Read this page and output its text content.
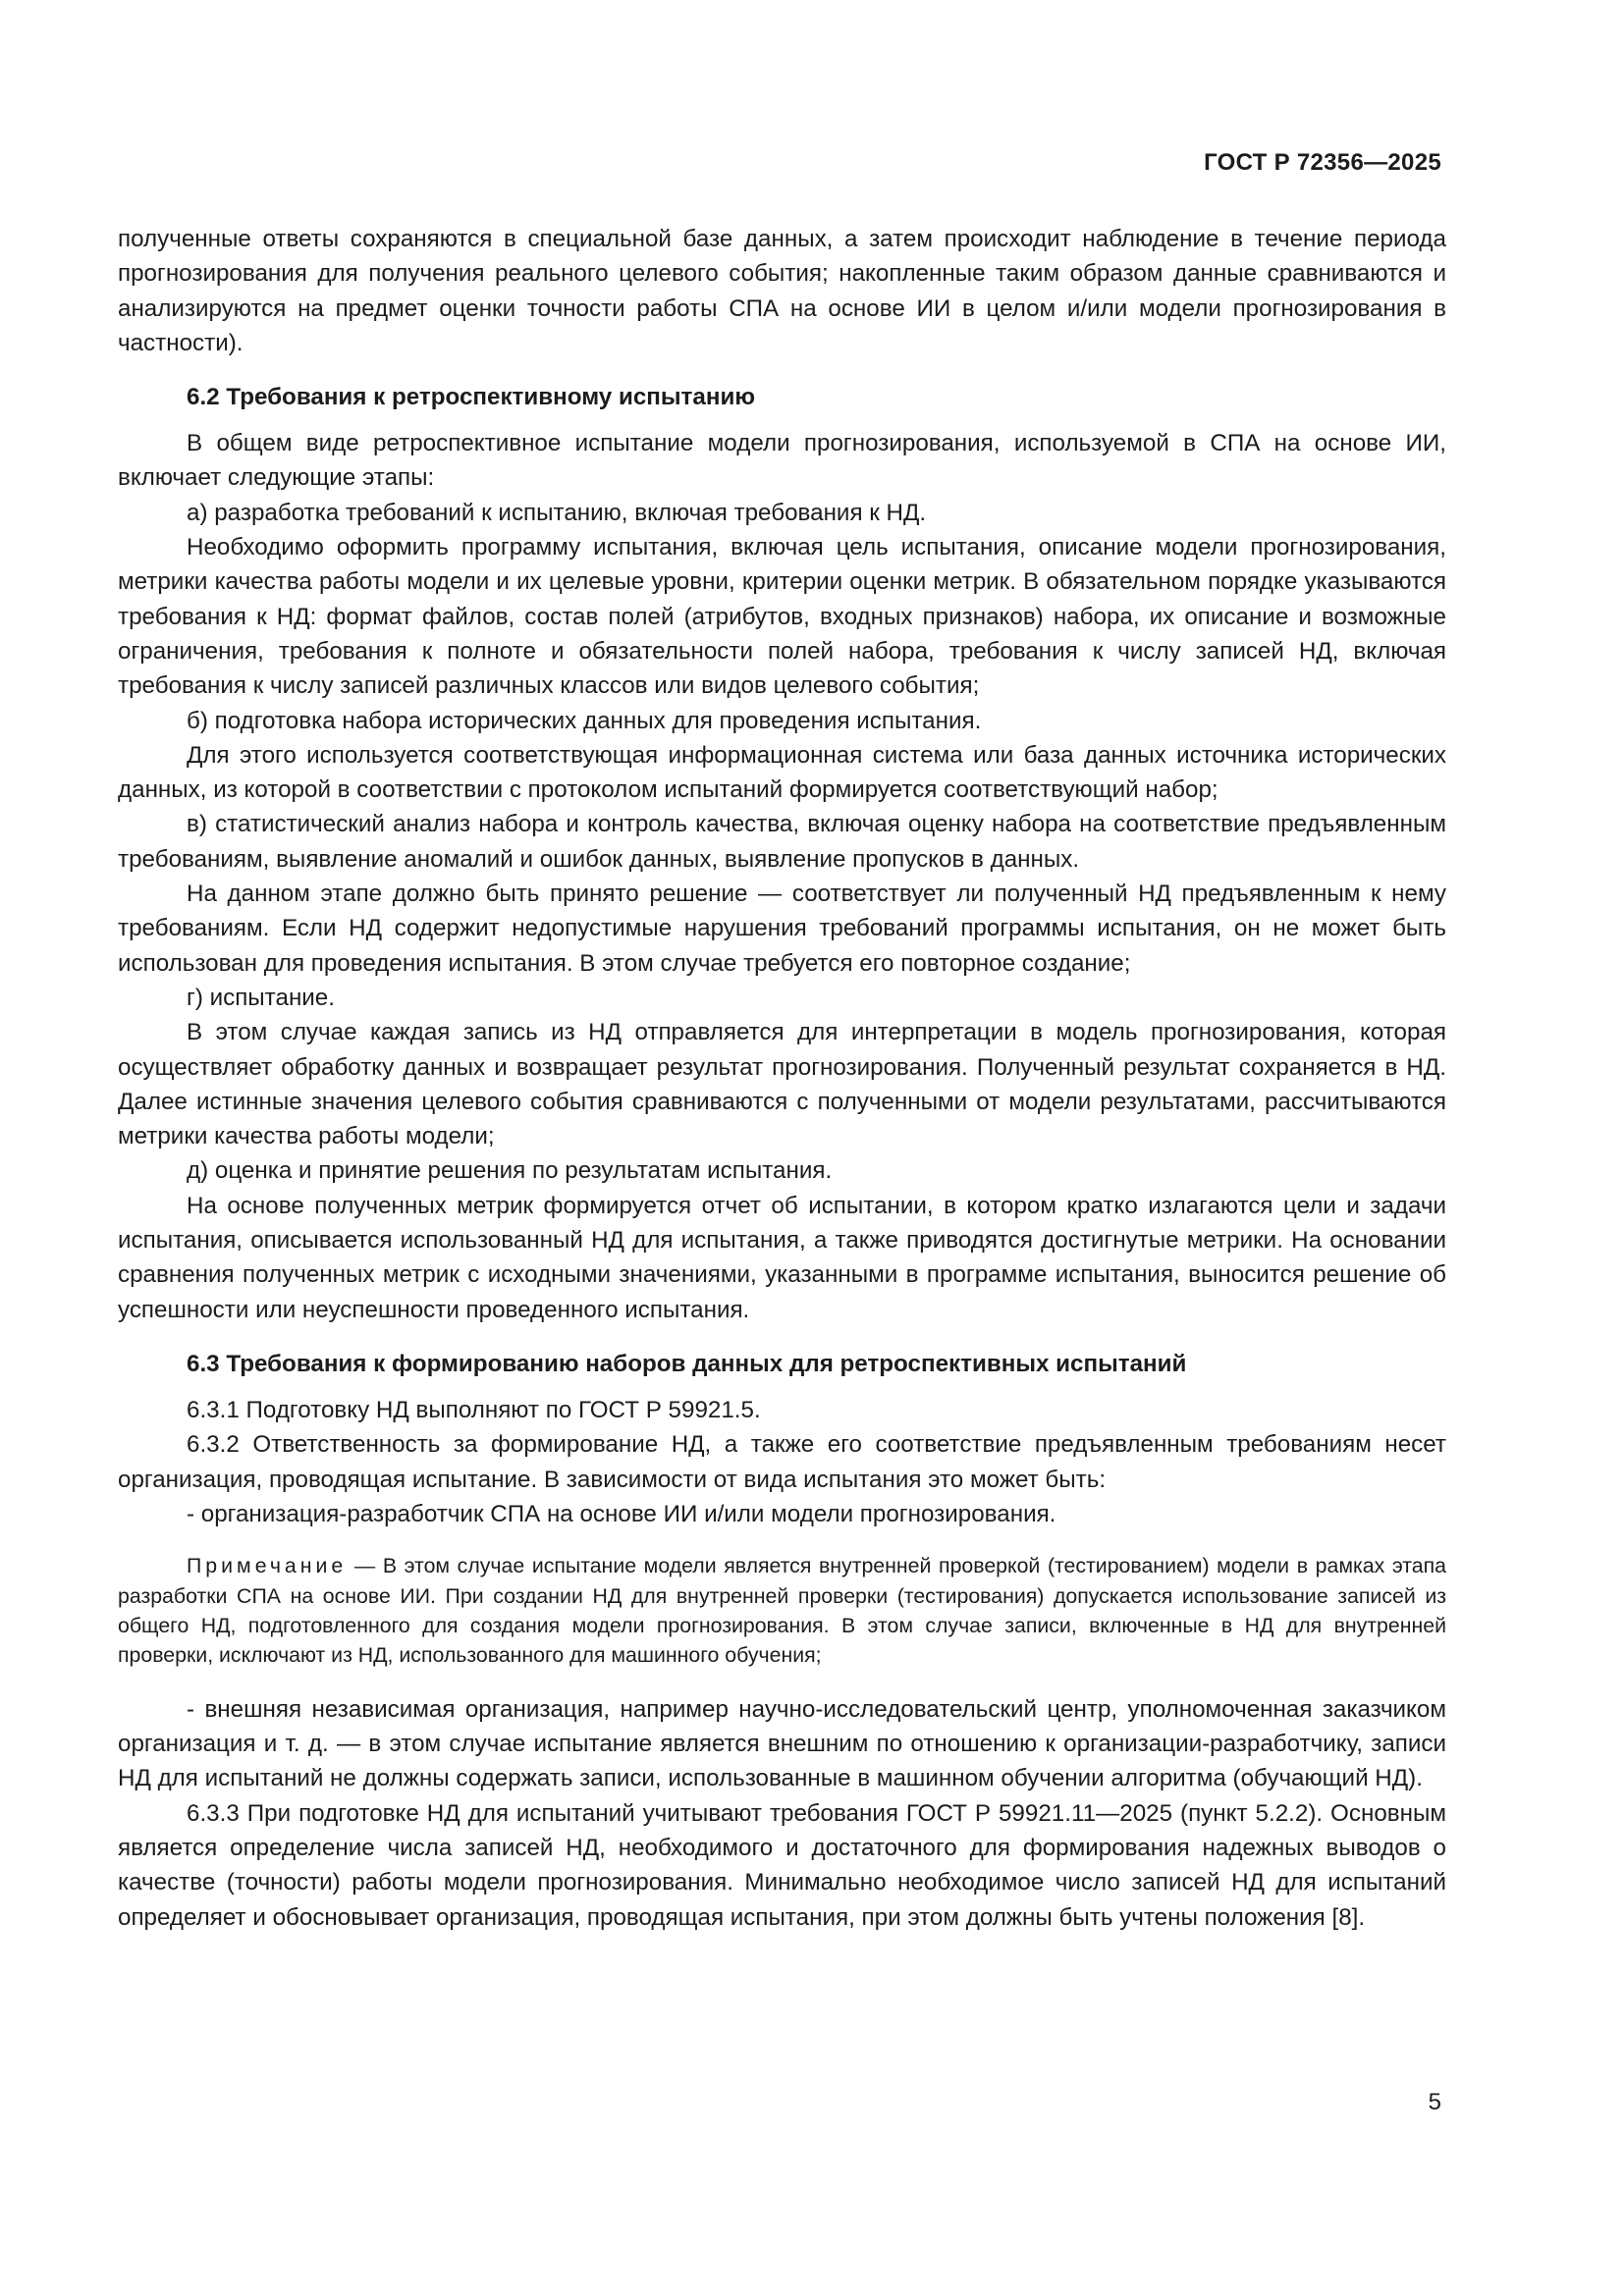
ГОСТ Р 72356—2025

полученные ответы сохраняются в специальной базе данных, а затем происходит наблюдение в течение периода прогнозирования для получения реального целевого события; накопленные таким образом данные сравниваются и анализируются на предмет оценки точности работы СПА на основе ИИ в целом и/или модели прогнозирования в частности).

6.2 Требования к ретроспективному испытанию

В общем виде ретроспективное испытание модели прогнозирования, используемой в СПА на основе ИИ, включает следующие этапы:

а) разработка требований к испытанию, включая требования к НД.

Необходимо оформить программу испытания, включая цель испытания, описание модели прогнозирования, метрики качества работы модели и их целевые уровни, критерии оценки метрик. В обязательном порядке указываются требования к НД: формат файлов, состав полей (атрибутов, входных признаков) набора, их описание и возможные ограничения, требования к полноте и обязательности полей набора, требования к числу записей НД, включая требования к числу записей различных классов или видов целевого события;

б) подготовка набора исторических данных для проведения испытания.

Для этого используется соответствующая информационная система или база данных источника исторических данных, из которой в соответствии с протоколом испытаний формируется соответствующий набор;

в) статистический анализ набора и контроль качества, включая оценку набора на соответствие предъявленным требованиям, выявление аномалий и ошибок данных, выявление пропусков в данных.

На данном этапе должно быть принято решение — соответствует ли полученный НД предъявленным к нему требованиям. Если НД содержит недопустимые нарушения требований программы испытания, он не может быть использован для проведения испытания. В этом случае требуется его повторное создание;

г) испытание.

В этом случае каждая запись из НД отправляется для интерпретации в модель прогнозирования, которая осуществляет обработку данных и возвращает результат прогнозирования. Полученный результат сохраняется в НД. Далее истинные значения целевого события сравниваются с полученными от модели результатами, рассчитываются метрики качества работы модели;

д) оценка и принятие решения по результатам испытания.

На основе полученных метрик формируется отчет об испытании, в котором кратко излагаются цели и задачи испытания, описывается использованный НД для испытания, а также приводятся достигнутые метрики. На основании сравнения полученных метрик с исходными значениями, указанными в программе испытания, выносится решение об успешности или неуспешности проведенного испытания.

6.3 Требования к формированию наборов данных для ретроспективных испытаний

6.3.1 Подготовку НД выполняют по ГОСТ Р 59921.5.

6.3.2 Ответственность за формирование НД, а также его соответствие предъявленным требованиям несет организация, проводящая испытание. В зависимости от вида испытания это может быть:

- организация-разработчик СПА на основе ИИ и/или модели прогнозирования.

Примечание — В этом случае испытание модели является внутренней проверкой (тестированием) модели в рамках этапа разработки СПА на основе ИИ. При создании НД для внутренней проверки (тестирования) допускается использование записей из общего НД, подготовленного для создания модели прогнозирования. В этом случае записи, включенные в НД для внутренней проверки, исключают из НД, использованного для машинного обучения;

- внешняя независимая организация, например научно-исследовательский центр, уполномоченная заказчиком организация и т. д. — в этом случае испытание является внешним по отношению к организации-разработчику, записи НД для испытаний не должны содержать записи, использованные в машинном обучении алгоритма (обучающий НД).

6.3.3 При подготовке НД для испытаний учитывают требования ГОСТ Р 59921.11—2025 (пункт 5.2.2). Основным является определение числа записей НД, необходимого и достаточного для формирования надежных выводов о качестве (точности) работы модели прогнозирования. Минимально необходимое число записей НД для испытаний определяет и обосновывает организация, проводящая испытания, при этом должны быть учтены положения [8].

5
